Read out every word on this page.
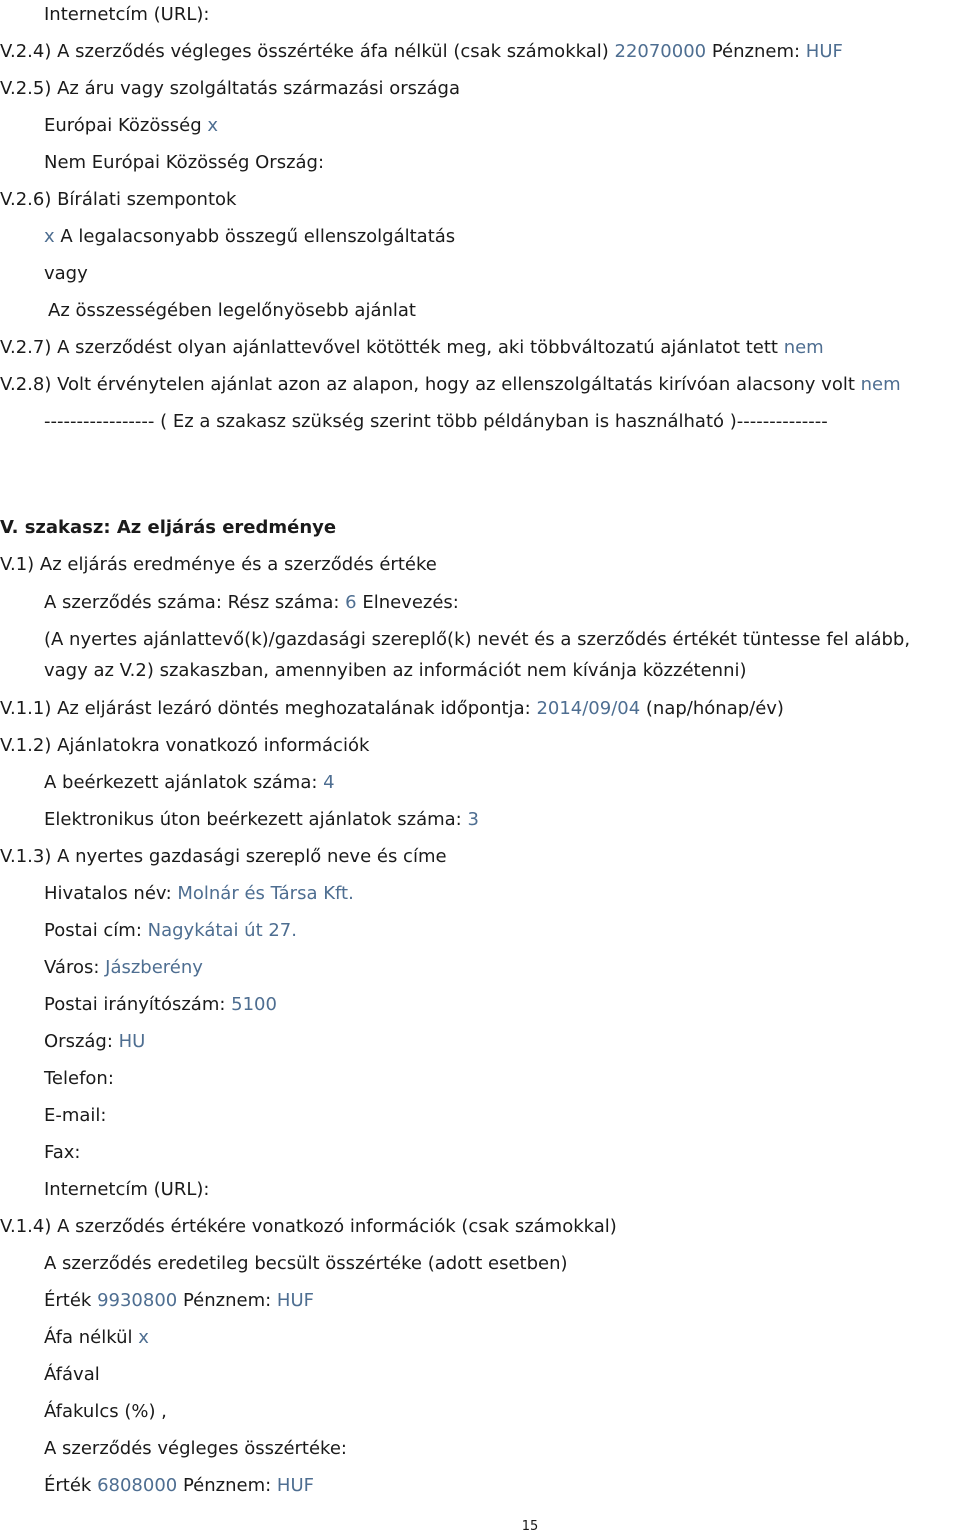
Internetcím (URL):
V.2.4) A szerződés végleges összértéke áfa nélkül (csak számokkal) 22070000 Pénznem: HUF
V.2.5) Az áru vagy szolgáltatás származási országa
Európai Közösség x
Nem Európai Közösség Ország:
V.2.6) Bírálati szempontok
x A legalacsonyabb összegű ellenszolgáltatás
vagy
Az összességében legelőnyösebb ajánlat
V.2.7) A szerződést olyan ajánlattevővel kötötték meg, aki többváltozatú ajánlatot tett nem
V.2.8) Volt érvénytelen ajánlat azon az alapon, hogy az ellenszolgáltatás kirívóan alacsony volt nem
----------------- ( Ez a szakasz szükség szerint több példányban is használható )--------------
V. szakasz: Az eljárás eredménye
V.1) Az eljárás eredménye és a szerződés értéke
A szerződés száma: Rész száma: 6 Elnevezés:
(A nyertes ajánlattevő(k)/gazdasági szereplő(k) nevét és a szerződés értékét tüntesse fel alább,
vagy az V.2) szakaszban, amennyiben az információt nem kívánja közzétenni)
V.1.1) Az eljárást lezáró döntés meghozatalának időpontja: 2014/09/04 (nap/hónap/év)
V.1.2) Ajánlatokra vonatkozó információk
A beérkezett ajánlatok száma: 4
Elektronikus úton beérkezett ajánlatok száma: 3
V.1.3) A nyertes gazdasági szereplő neve és címe
Hivatalos név: Molnár és Társa Kft.
Postai cím: Nagykátai út 27.
Város: Jászberény
Postai irányítószám: 5100
Ország: HU
Telefon:
E-mail:
Fax:
Internetcím (URL):
V.1.4) A szerződés értékére vonatkozó információk (csak számokkal)
A szerződés eredetileg becsült összértéke (adott esetben)
Érték 9930800 Pénznem: HUF
Áfa nélkül x
Áfával
Áfakulcs (%) ,
A szerződés végleges összértéke:
Érték 6808000 Pénznem: HUF
15
